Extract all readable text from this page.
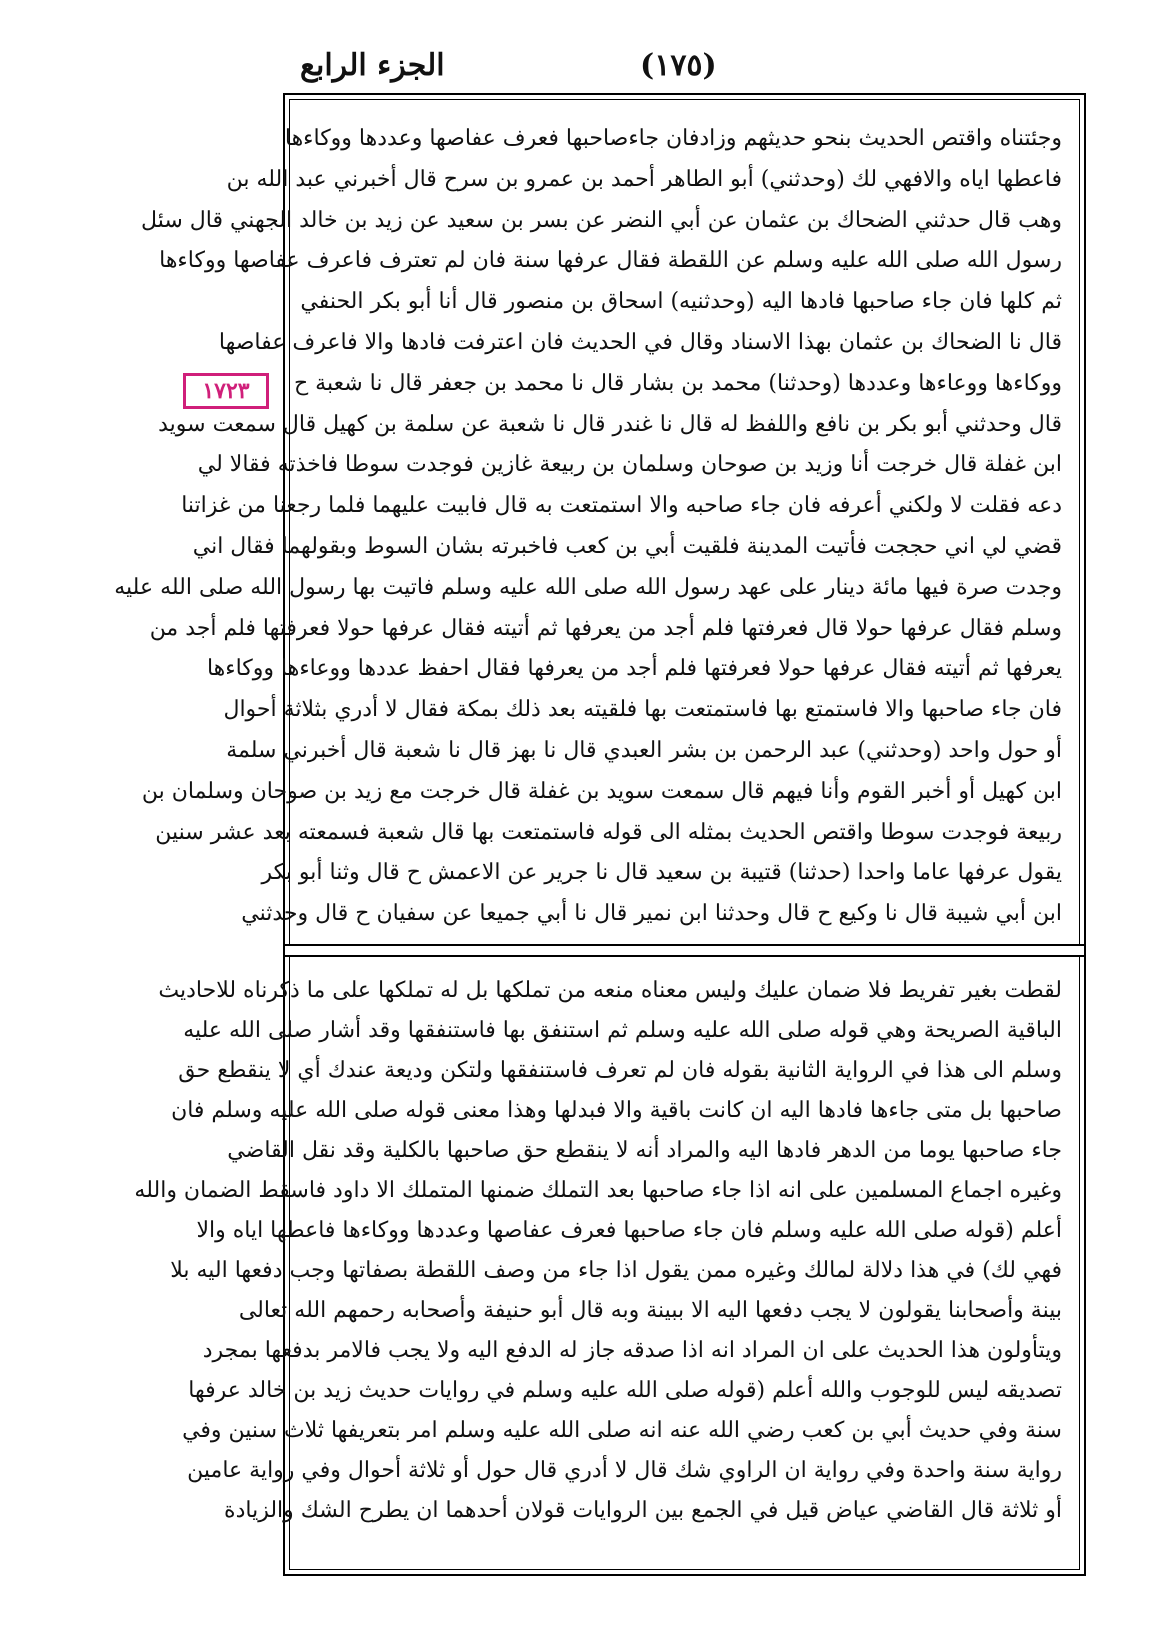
الجزء الرابع	(١٧٥)
١٧٢٣
وجئتناه واقتص الحديث بنحو حديثهم وزادفان جاءصاحبها فعرف عفاصها وعددها ووكاءها
فاعطها اياه والافهي لك (وحدثني) أبو الطاهر أحمد بن عمرو بن سرح قال أخبرني عبد الله بن
وهب قال حدثني الضحاك بن عثمان عن أبي النضر عن بسر بن سعيد عن زيد بن خالد الجهني قال سئل
رسول الله صلى الله عليه وسلم عن اللقطة فقال عرفها سنة فان لم تعترف فاعرف عفاصها ووكاءها
ثم كلها فان جاء صاحبها فادها اليه (وحدثنيه) اسحاق بن منصور قال أنا أبو بكر الحنفي
قال نا الضحاك بن عثمان بهذا الاسناد وقال في الحديث فان اعترفت فادها والا فاعرف عفاصها
ووكاءها ووعاءها وعددها (وحدثنا) محمد بن بشار قال نا محمد بن جعفر قال نا شعبة ح
قال وحدثني أبو بكر بن نافع واللفظ له قال نا غندر قال نا شعبة عن سلمة بن كهيل قال سمعت سويد
ابن غفلة قال خرجت أنا وزيد بن صوحان وسلمان بن ربيعة غازين فوجدت سوطا فاخذته فقالا لي
دعه فقلت لا ولكني أعرفه فان جاء صاحبه والا استمتعت به قال فابيت عليهما فلما رجعنا من غزاتنا
قضي لي اني حججت فأتيت المدينة فلقيت أبي بن كعب فاخبرته بشان السوط وبقولهما فقال اني
وجدت صرة فيها مائة دينار على عهد رسول الله صلى الله عليه وسلم فاتيت بها رسول الله صلى الله عليه
وسلم فقال عرفها حولا قال فعرفتها فلم أجد من يعرفها ثم أتيته فقال عرفها حولا فعرفتها فلم أجد من
يعرفها ثم أتيته فقال عرفها حولا فعرفتها فلم أجد من يعرفها فقال احفظ عددها ووعاءها ووكاءها
فان جاء صاحبها والا فاستمتع بها فاستمتعت بها فلقيته بعد ذلك بمكة فقال لا أدري بثلاثة أحوال
أو حول واحد (وحدثني) عبد الرحمن بن بشر العبدي قال نا بهز قال نا شعبة قال أخبرني سلمة
ابن كهيل أو أخبر القوم وأنا فيهم قال سمعت سويد بن غفلة قال خرجت مع زيد بن صوحان وسلمان بن
ربيعة فوجدت سوطا واقتص الحديث بمثله الى قوله فاستمتعت بها قال شعبة فسمعته بعد عشر سنين
يقول عرفها عاما واحدا (حدثنا) قتيبة بن سعيد قال نا جرير عن الاعمش ح قال وثنا أبو بكر
ابن أبي شيبة قال نا وكيع ح قال وحدثنا ابن نمير قال نا أبي جميعا عن سفيان ح قال وحدثني
لقطت بغير تفريط فلا ضمان عليك وليس معناه منعه من تملكها بل له تملكها على ما ذكرناه للاحاديث
الباقية الصريحة وهي قوله صلى الله عليه وسلم ثم استنفق بها فاستنفقها وقد أشار صلى الله عليه
وسلم الى هذا في الرواية الثانية بقوله فان لم تعرف فاستنفقها ولتكن وديعة عندك أي لا ينقطع حق
صاحبها بل متى جاءها فادها اليه ان كانت باقية والا فبدلها وهذا معنى قوله صلى الله عليه وسلم فان
جاء صاحبها يوما من الدهر فادها اليه والمراد أنه لا ينقطع حق صاحبها بالكلية وقد نقل القاضي
وغيره اجماع المسلمين على انه اذا جاء صاحبها بعد التملك ضمنها المتملك الا داود فاسقط الضمان والله
أعلم (قوله صلى الله عليه وسلم فان جاء صاحبها فعرف عفاصها وعددها ووكاءها فاعطها اياه والا
فهي لك) في هذا دلالة لمالك وغيره ممن يقول اذا جاء من وصف اللقطة بصفاتها وجب دفعها اليه بلا
بينة وأصحابنا يقولون لا يجب دفعها اليه الا ببينة وبه قال أبو حنيفة وأصحابه رحمهم الله تعالى
ويتأولون هذا الحديث على ان المراد انه اذا صدقه جاز له الدفع اليه ولا يجب فالامر بدفعها بمجرد
تصديقه ليس للوجوب والله أعلم (قوله صلى الله عليه وسلم في روايات حديث زيد بن خالد عرفها
سنة وفي حديث أبي بن كعب رضي الله عنه انه صلى الله عليه وسلم امر بتعريفها ثلاث سنين وفي
رواية سنة واحدة وفي رواية ان الراوي شك قال لا أدري قال حول أو ثلاثة أحوال وفي رواية عامين
أو ثلاثة قال القاضي عياض قيل في الجمع بين الروايات قولان أحدهما ان يطرح الشك والزيادة
